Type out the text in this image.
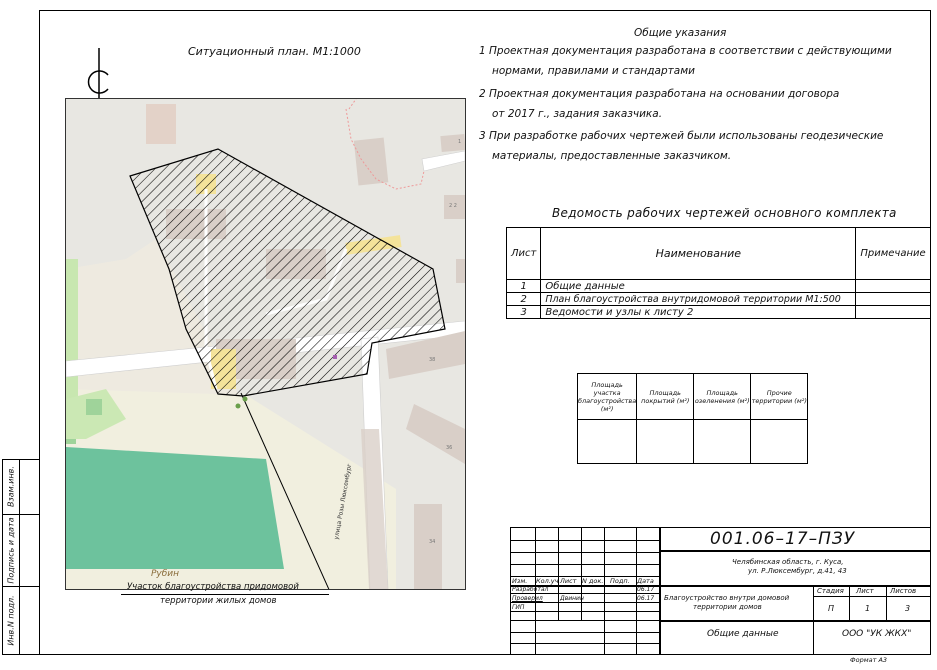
Взам.инв.
Подпись и дата
Инв.N подл.
Ситуационный план. М1:1000
1
2 2
38
36
34
Рубин
улица Розы Люксембург
Участок благоустройства придомовой
территории жилых домов
Общие указания
1 Проектная документация разработана в соответствии с действующими
нормами, правилами и стандартами
2 Проектная документация разработана на основании договора
от 2017 г., задания заказчика.
3 При разработке рабочих чертежей были использованы геодезические
материалы, предоставленные заказчиком.
Ведомость рабочих чертежей основного комплекта
Лист	Наименование	Примечание
1	Общие данные	
2	План благоустройства внутридомовой территории М1:500	
3	Ведомости и узлы к листу 2	
Площадь участка благоустройства (м²)	Площадь покрытий (м²)	Площадь озеленения (м²)	Прочие территории (м²)

001.06–17–ПЗУ
Челябинская область, г. Куса,
ул. Р.Люксембург, д.41, 43
Изм. Кол.уч Лист N док. Подп. Дата
Разработал	06.17
Проверил	Двинин	06.17
ГИП
Благоустройство внутри домовой
территории домов
Стадия Лист Листов
П	1	3
Общие данные	ООО "УК ЖКХ"
Формат А3
